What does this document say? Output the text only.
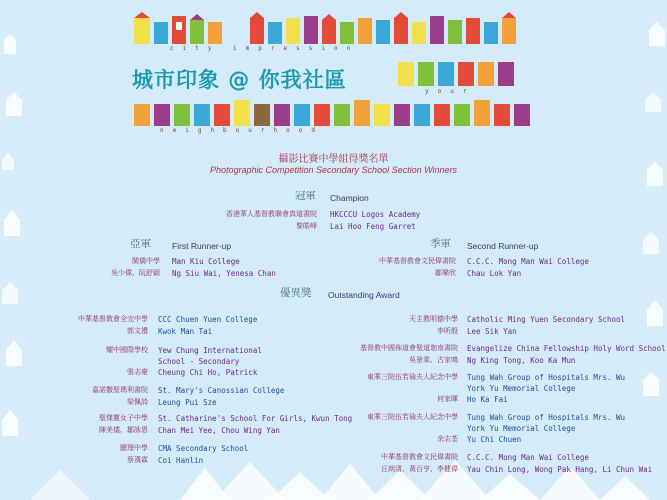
city impression
your
neighbourhood
城市印象 @ 你我社區
攝影比賽中學組得獎名單
Photographic Competition Secondary School Section Winners
冠軍 Champion
香港華人基督教聯會真道書院 HKCCCU Logos Academy
黎皓峰 Lai Hoo Feng Garret
亞軍 First Runner-up
閩僑中學 Man Kiu College
吳少偉、阮舒穎 Ng Siu Wai, Yenesa Chan
季軍 Second Runner-up
中華基督教會文民偉書院 C.C.C. Mong Man Wai College
鄒樂欣 Chau Lok Yan
優異獎 Outstanding Award
中華基督教會全完中學 CCC Chuen Yuen College
郭文禮 Kwok Man Tai
耀中國際學校 Yew Chung International School - Secondary
張志豪 Cheung Chi Ho, Patrick
嘉諾撒聖瑪利書院 St. Mary's Canossian College
梁佩詩 Leung Pui Sze
聖傑靈女子中學 St. Catharine's School For Girls, Kwun Tong
陳美儀、鄒詠恩 Chan Mei Yee, Chou Wing Yan
顯理中學 CMA Secondary School
蔡漢霖 Coi Hanlin
天主教明德中學 Catholic Ming Yuen Secondary School
李昕殷 Lee Sik Yan
基督教中國佈道會聖道迦南書院 Evangelize China Fellowship Holy Word School
吳景棠、古家鳴 Ng King Tong, Koo Ka Mun
東華三院伍若瑜夫人紀念中學 Tung Wah Group of Hospitals Mrs. Wu York Yu Memorial College
何家暉 Ho Ka Fai
東華三院伍若瑜夫人紀念中學 Tung Wah Group of Hospitals Mrs. Wu York Yu Memorial College
余志荃 Yu Chi Chuen
中華基督教會文民偉書院 C.C.C. Mong Man Wai College
丘朗清、黃百亨、李健偉 Yau Chin Long, Wong Pak Hang, Li Chun Wai
